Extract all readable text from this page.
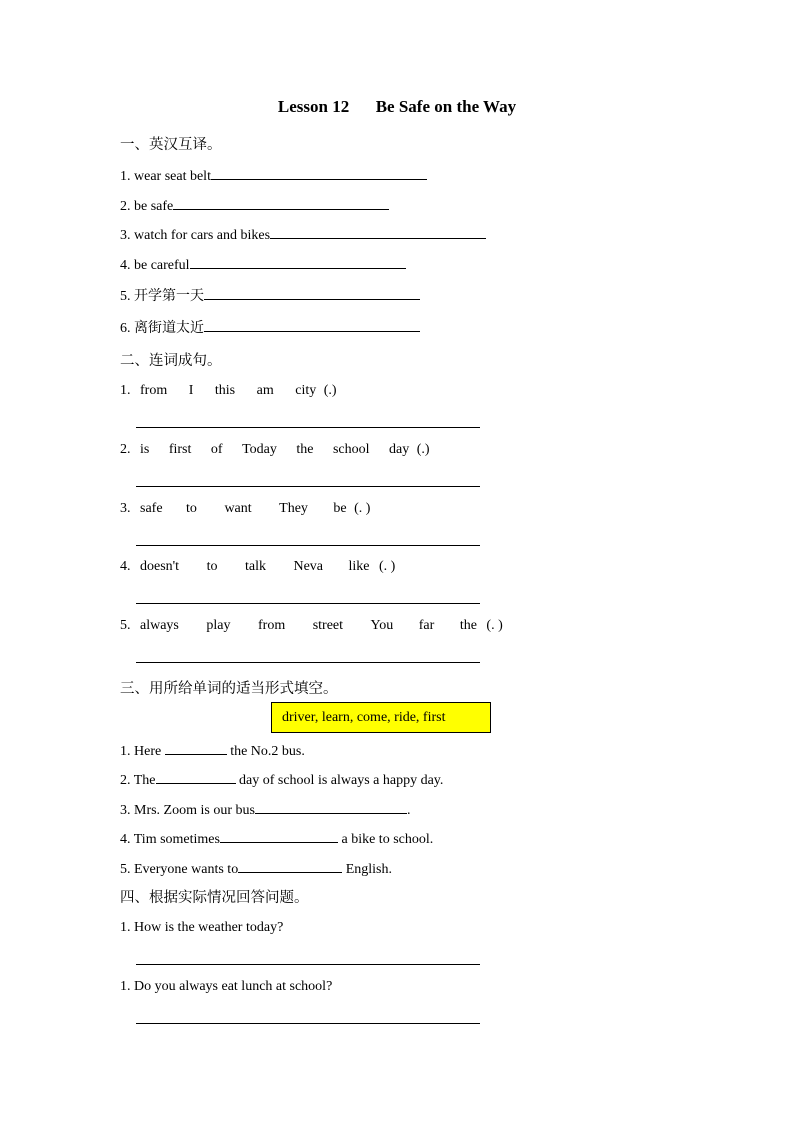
Lesson 12 Be Safe on the Way
一、英汉互译。
1. wear seat belt
2. be safe
3. watch for cars and bikes
4. be careful
5. 开学第一天
6. 离街道太近
二、连词成句。
1. from I this am city (.)
2. is first of Today the school day (.)
3. safe to want They be (. )
4. doesn't to talk Neva like (. )
5. always play from street You far the (. )
三、用所给单词的适当形式填空。
driver, learn, come, ride, first
1. Here	the No.2 bus.
2. The	day of school is always a happy day.
3. Mrs. Zoom is our bus	.
4. Tim sometimes	a bike to school.
5. Everyone wants to	English.
四、根据实际情况回答问题。
1. How is the weather today?
1. Do you always eat lunch at school?
